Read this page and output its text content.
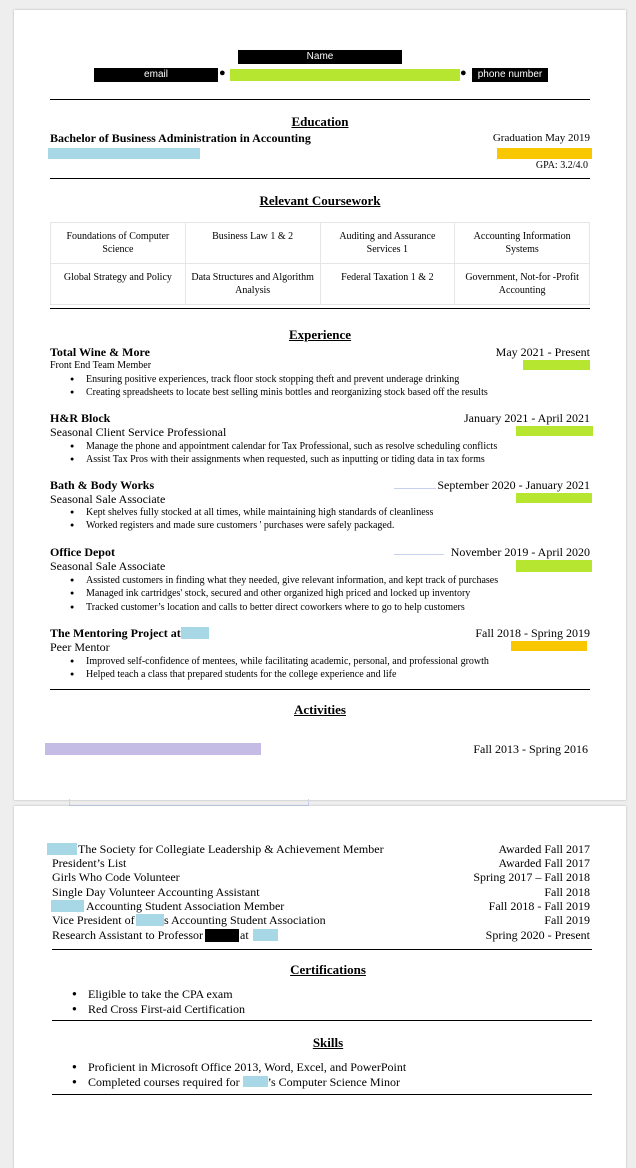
Name
email	●	●	phone number
Education
Bachelor of Business Administration in Accounting	Graduation May 2019
GPA: 3.2/4.0
Relevant Coursework
Foundations of Computer Science	Business Law 1 & 2	Auditing and Assurance Services 1	Accounting Information Systems
Global Strategy and Policy	Data Structures and Algorithm Analysis	Federal Taxation 1 & 2	Government, Not-for -Profit Accounting
Experience
Total Wine & More	May 2021 - Present
Front End Team Member
● Ensuring positive experiences, track floor stock stopping theft and prevent underage drinking
● Creating spreadsheets to locate best selling minis bottles and reorganizing stock based off the results
H&R Block	January 2021 - April 2021
Seasonal Client Service Professional
● Manage the phone and appointment calendar for Tax Professional, such as resolve scheduling conflicts
● Assist Tax Pros with their assignments when requested, such as inputting or tiding data in tax forms
Bath & Body Works	September 2020 - January 2021
Seasonal Sale Associate
● Kept shelves fully stocked at all times, while maintaining high standards of cleanliness
● Worked registers and made sure customers ' purchases were safely packaged.
Office Depot	November 2019 - April 2020
Seasonal Sale Associate
● Assisted customers in finding what they needed, give relevant information, and kept track of purchases
● Managed ink cartridges' stock, secured and other organized high priced and locked up inventory
● Tracked customer’s location and calls to better direct coworkers where to go to help customers
The Mentoring Project at	Fall 2018 - Spring 2019
Peer Mentor
● Improved self-confidence of mentees, while facilitating academic, personal, and professional growth
● Helped teach a class that prepared students for the college experience and life
Activities
Fall 2013 - Spring 2016
The Society for Collegiate Leadership & Achievement Member	Awarded Fall 2017
President’s List	Awarded Fall 2017
Girls Who Code Volunteer	Spring 2017 – Fall 2018
Single Day Volunteer Accounting Assistant	Fall 2018
Accounting Student Association Member	Fall 2018 - Fall 2019
Vice President of s Accounting Student Association	Fall 2019
Research Assistant to Professor	at	Spring 2020 - Present
Certifications
● Eligible to take the CPA exam
● Red Cross First-aid Certification
Skills
● Proficient in Microsoft Office 2013, Word, Excel, and PowerPoint
● Completed courses required for ’s Computer Science Minor
